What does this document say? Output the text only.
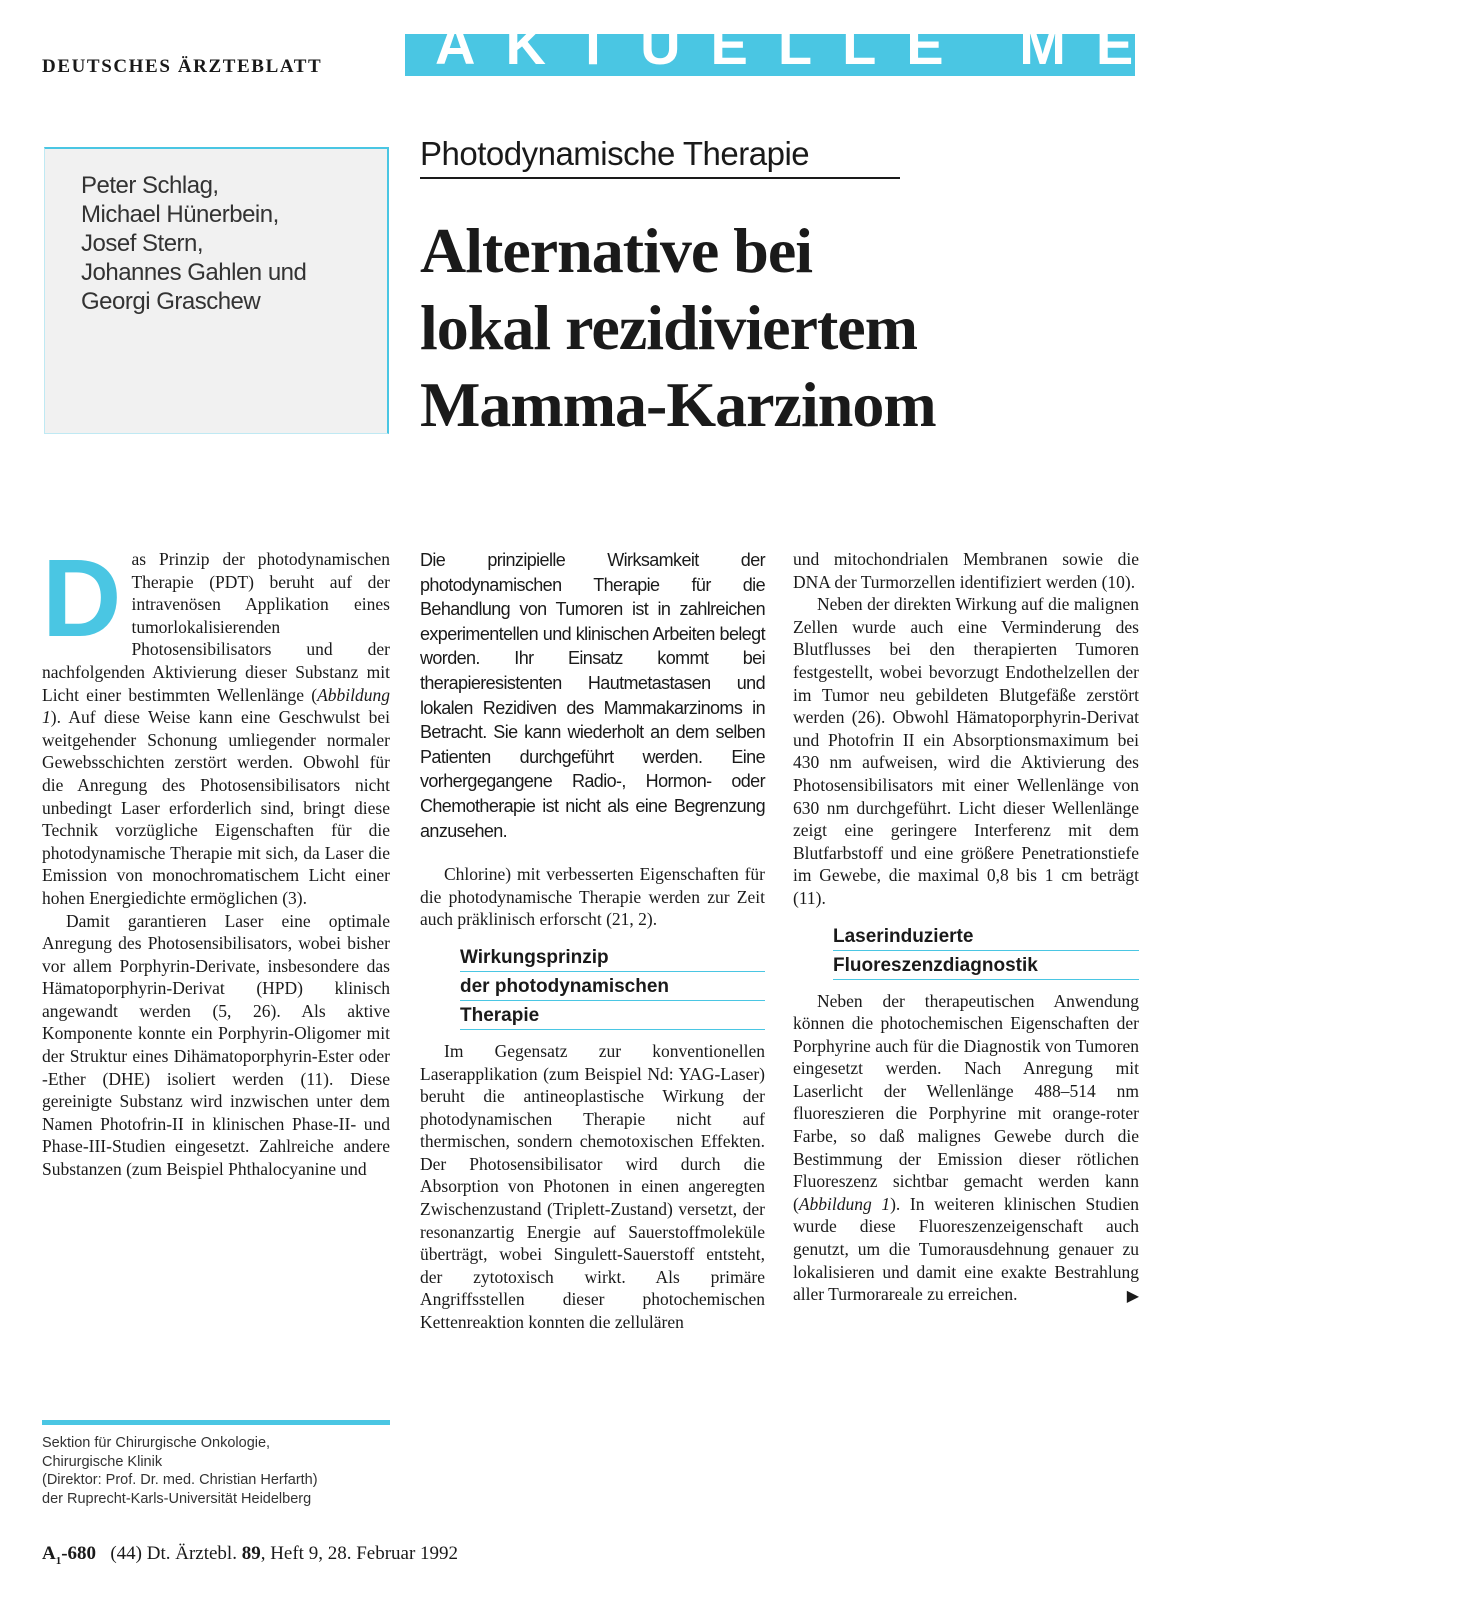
DEUTSCHES ÄRZTEBLATT AKTUELLE MEDIZIN
Peter Schlag,
Michael Hünerbein,
Josef Stern,
Johannes Gahlen und
Georgi Graschew
Photodynamische Therapie
Alternative bei
lokal rezidiviertem
Mamma-Karzinom

Das Prinzip der photodynamischen Therapie (PDT) beruht auf der intravenösen Applikation eines tumorlokalisierenden Photosensibilisators und der nachfolgenden Aktivierung dieser Substanz mit Licht einer bestimmten Wellenlänge (Abbildung 1). Auf diese Weise kann eine Geschwulst bei weitgehender Schonung umliegender normaler Gewebsschichten zerstört werden. Obwohl für die Anregung des Photosensibilisators nicht unbedingt Laser erforderlich sind, bringt diese Technik vorzügliche Eigenschaften für die photodynamische Therapie mit sich, da Laser die Emission von monochromatischem Licht einer hohen Energiedichte ermöglichen (3).

Damit garantieren Laser eine optimale Anregung des Photosensibilisators, wobei bisher vor allem Porphyrin-Derivate, insbesondere das Hämatoporphyrin-Derivat (HPD) klinisch angewandt werden (5, 26). Als aktive Komponente konnte ein Porphyrin-Oligomer mit der Struktur eines Dihämatoporphyrin-Ester oder -Ether (DHE) isoliert werden (11). Diese gereinigte Substanz wird inzwischen unter dem Namen Photofrin-II in klinischen Phase-II- und Phase-III-Studien eingesetzt. Zahlreiche andere Substanzen (zum Beispiel Phthalocyanine und

Die prinzipielle Wirksamkeit der photodynamischen Therapie für die Behandlung von Tumoren ist in zahlreichen experimentellen und klinischen Arbeiten belegt worden. Ihr Einsatz kommt bei therapieresistenten Hautmetastasen und lokalen Rezidiven des Mammakarzinoms in Betracht. Sie kann wiederholt an dem selben Patienten durchgeführt werden. Eine vorhergegangene Radio-, Hormon- oder Chemotherapie ist nicht als eine Begrenzung anzusehen.

Chlorine) mit verbesserten Eigenschaften für die photodynamische Therapie werden zur Zeit auch präklinisch erforscht (21, 2).

Wirkungsprinzip
der photodynamischen
Therapie

Im Gegensatz zur konventionellen Laserapplikation (zum Beispiel Nd: YAG-Laser) beruht die antineoplastische Wirkung der photodynamischen Therapie nicht auf thermischen, sondern chemotoxischen Effekten. Der Photosensibilisator wird durch die Absorption von Photonen in einen angeregten Zwischenzustand (Triplett-Zustand) versetzt, der resonanzartig Energie auf Sauerstoffmoleküle überträgt, wobei Singulett-Sauerstoff entsteht, der zytotoxisch wirkt. Als primäre Angriffsstellen dieser photochemischen Kettenreaktion konnten die zellulären

und mitochondrialen Membranen sowie die DNA der Turmorzellen identifiziert werden (10).

Neben der direkten Wirkung auf die malignen Zellen wurde auch eine Verminderung des Blutflusses bei den therapierten Tumoren festgestellt, wobei bevorzugt Endothelzellen der im Tumor neu gebildeten Blutgefäße zerstört werden (26). Obwohl Hämatoporphyrin-Derivat und Photofrin II ein Absorptionsmaximum bei 430 nm aufweisen, wird die Aktivierung des Photosensibilisators mit einer Wellenlänge von 630 nm durchgeführt. Licht dieser Wellenlänge zeigt eine geringere Interferenz mit dem Blutfarbstoff und eine größere Penetrationstiefe im Gewebe, die maximal 0,8 bis 1 cm beträgt (11).

Laserinduzierte
Fluoreszenzdiagnostik

Neben der therapeutischen Anwendung können die photochemischen Eigenschaften der Porphyrine auch für die Diagnostik von Tumoren eingesetzt werden. Nach Anregung mit Laserlicht der Wellenlänge 488–514 nm fluoreszieren die Porphyrine mit orange-roter Farbe, so daß malignes Gewebe durch die Bestimmung der Emission dieser rötlichen Fluoreszenz sichtbar gemacht werden kann (Abbildung 1). In weiteren klinischen Studien wurde diese Fluoreszenzeigenschaft auch genutzt, um die Tumorausdehnung genauer zu lokalisieren und damit eine exakte Bestrahlung aller Turmorareale zu erreichen.	▶

Sektion für Chirurgische Onkologie,
Chirurgische Klinik
(Direktor: Prof. Dr. med. Christian Herfarth)
der Ruprecht-Karls-Universität Heidelberg
$A_1-680$ (44) Dt. Ärztebl. 89, Heft 9, 28. Februar 1992
